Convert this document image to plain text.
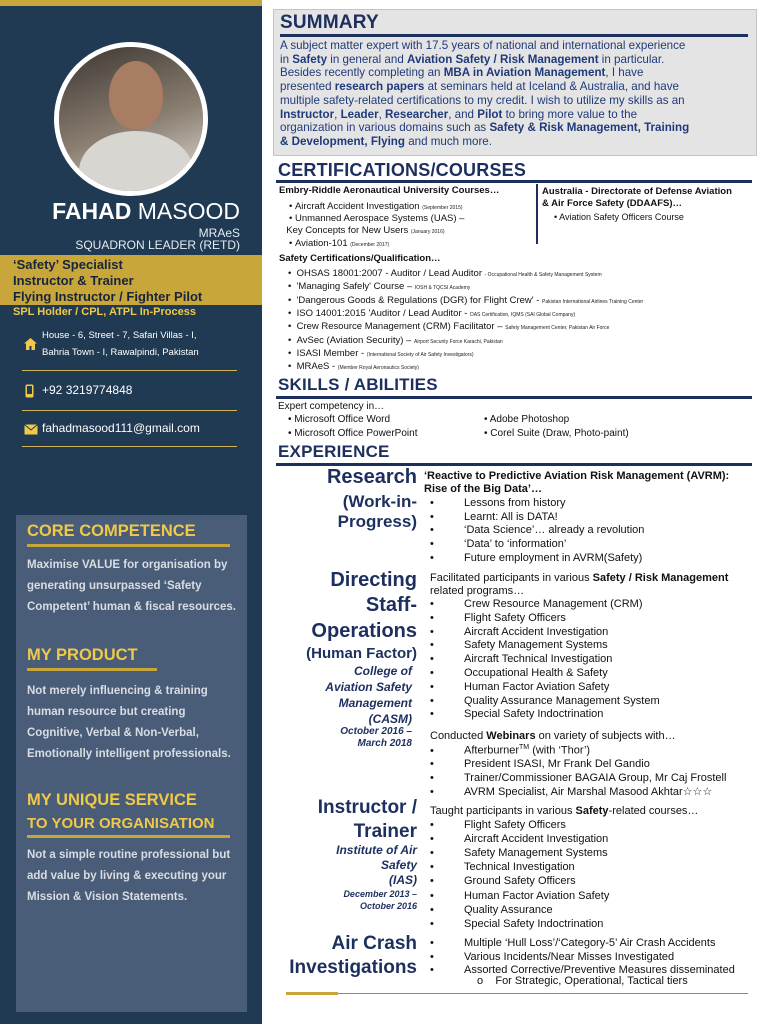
FAHAD MASOOD
MRAeS
SQUADRON LEADER (RETD)
‘Safety’ Specialist
Instructor & Trainer
Flying Instructor / Fighter Pilot
SPL Holder / CPL, ATPL In-Process
House - 6, Street - 7, Safari Villas - I,
Bahria Town - I, Rawalpindi, Pakistan
+92 3219774848
fahadmasood111@gmail.com
CORE COMPETENCE
Maximise VALUE for organisation by generating unsurpassed ‘Safety Competent’ human & fiscal resources.
MY PRODUCT
Not merely influencing & training human resource but creating Cognitive, Verbal & Non-Verbal, Emotionally intelligent professionals.
MY UNIQUE SERVICE
TO YOUR ORGANISATION
Not a simple routine professional but add value by living & executing your Mission & Vision Statements.
SUMMARY
A subject matter expert with 17.5 years of national and international experience
in Safety in general and Aviation Safety / Risk Management in particular.
Besides recently completing an MBA in Aviation Management, I have
presented research papers at seminars held at Iceland & Australia, and have
multiple safety-related certifications to my credit. I wish to utilize my skills as an
Instructor, Leader, Researcher, and Pilot to bring more value to the
organization in various domains such as Safety & Risk Management, Training
& Development, Flying and much more.
CERTIFICATIONS/COURSES
Embry-Riddle Aeronautical University Courses…
• Aircraft Accident Investigation (September 2015)
• Unmanned Aerospace Systems (UAS) –
Key Concepts for New Users (January 2016)
• Aviation-101 (December 2017)
Australia - Directorate of Defense Aviation
& Air Force Safety (DDAAFS)…
• Aviation Safety Officers Course
Safety Certifications/Qualification…
•  OHSAS 18001:2007 - Auditor / Lead Auditor - Occupational Health & Safety Management System
•  'Managing Safely' Course – IOSH & TQCSI Academy
•  'Dangerous Goods & Regulations (DGR) for Flight Crew' - Pakistan International Airlines Training Center
•  ISO 14001:2015 'Auditor / Lead Auditor - DAS Certification, IQMS (SAI Global Company)
•  Crew Resource Management (CRM) Facilitator – Safety Management Center, Pakistan Air Force
•  AvSec (Aviation Security) – Airport Security Force Karachi, Pakistan
•  ISASI Member - (International Society of Air Safety Investigators)
•  MRAeS - (Member Royal Aeronautics Society)
SKILLS / ABILITIES
Expert competency in…
• Microsoft Office Word
• Microsoft Office PowerPoint
• Adobe Photoshop
• Corel Suite (Draw, Photo-paint)
EXPERIENCE
Research
(Work-in-
Progress)
‘Reactive to Predictive Aviation Risk Management (AVRM):
Rise of the Big Data’…
•	Lessons from history
•	Learnt: All is DATA!
•	‘Data Science’… already a revolution
•	‘Data’ to ‘information’
•	Future employment in AVRM(Safety)
Directing
Staff-
Operations
(Human Factor)
College of
Aviation Safety
Management
(CASM)
October 2016 –
March 2018
Facilitated participants in various Safety / Risk Management
related programs…
•	Crew Resource Management (CRM)
•	Flight Safety Officers
•	Aircraft Accident Investigation
•	Safety Management Systems
•	Aircraft Technical Investigation
•	Occupational Health & Safety
•	Human Factor Aviation Safety
•	Quality Assurance Management System
•	Special Safety Indoctrination
Conducted Webinars on variety of subjects with…
•	Afterburner™ (with ‘Thor’)
•	President ISASI, Mr Frank Del Gandio
•	Trainer/Commissioner BAGAIA Group, Mr Caj Frostell
•	AVRM Specialist, Air Marshal Masood Akhtar☆☆☆
Instructor /
Trainer
Institute of Air
Safety
(IAS)
December 2013 –
October 2016
Taught participants in various Safety-related courses…
•	Flight Safety Officers
•	Aircraft Accident Investigation
•	Safety Management Systems
•	Technical Investigation
•	Ground Safety Officers
•	Human Factor Aviation Safety
•	Quality Assurance
•	Special Safety Indoctrination
Air Crash
Investigations
•	Multiple ‘Hull Loss’/‘Category-5’ Air Crash Accidents
•	Various Incidents/Near Misses Investigated
•	Assorted Corrective/Preventive Measures disseminated
o    For Strategic, Operational, Tactical tiers
